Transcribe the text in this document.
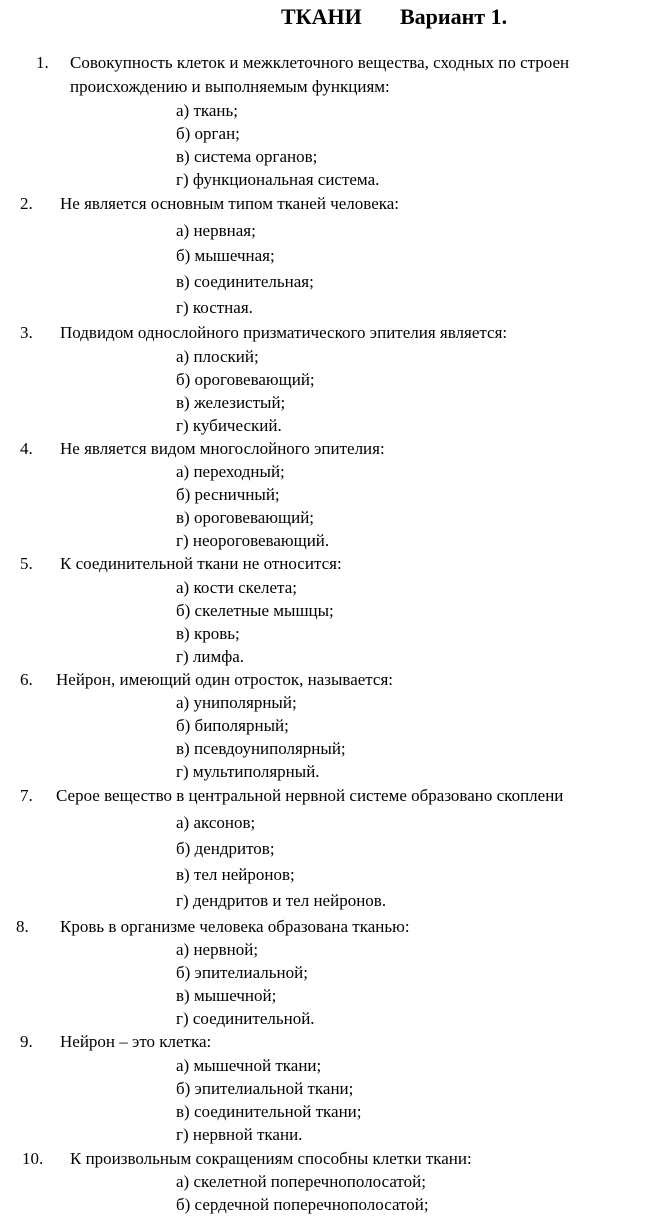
ТКАНИ Вариант 1.
1. Совокупность клеток и межклеточного вещества, сходных по строен
происхождению и выполняемым функциям:
а) ткань;
б) орган;
в) система органов;
г) функциональная система.
2. Не является основным типом тканей человека:
а) нервная;
б) мышечная;
в) соединительная;
г) костная.
3. Подвидом однослойного призматического эпителия является:
а) плоский;
б) ороговевающий;
в) железистый;
г) кубический.
4. Не является видом многослойного эпителия:
а) переходный;
б) ресничный;
в) ороговевающий;
г) неороговевающий.
5. К соединительной ткани не относится:
а) кости скелета;
б) скелетные мышцы;
в) кровь;
г) лимфа.
6. Нейрон, имеющий один отросток, называется:
а) униполярный;
б) биполярный;
в) псевдоуниполярный;
г) мультиполярный.
7. Серое вещество в центральной нервной системе образовано скоплени
а) аксонов;
б) дендритов;
в) тел нейронов;
г) дендритов и тел нейронов.
8. Кровь в организме человека образована тканью:
а) нервной;
б) эпителиальной;
в) мышечной;
г) соединительной.
9. Нейрон – это клетка:
а) мышечной ткани;
б) эпителиальной ткани;
в) соединительной ткани;
г) нервной ткани.
10. К произвольным сокращениям способны клетки ткани:
а) скелетной поперечнополосатой;
б) сердечной поперечнополосатой;
